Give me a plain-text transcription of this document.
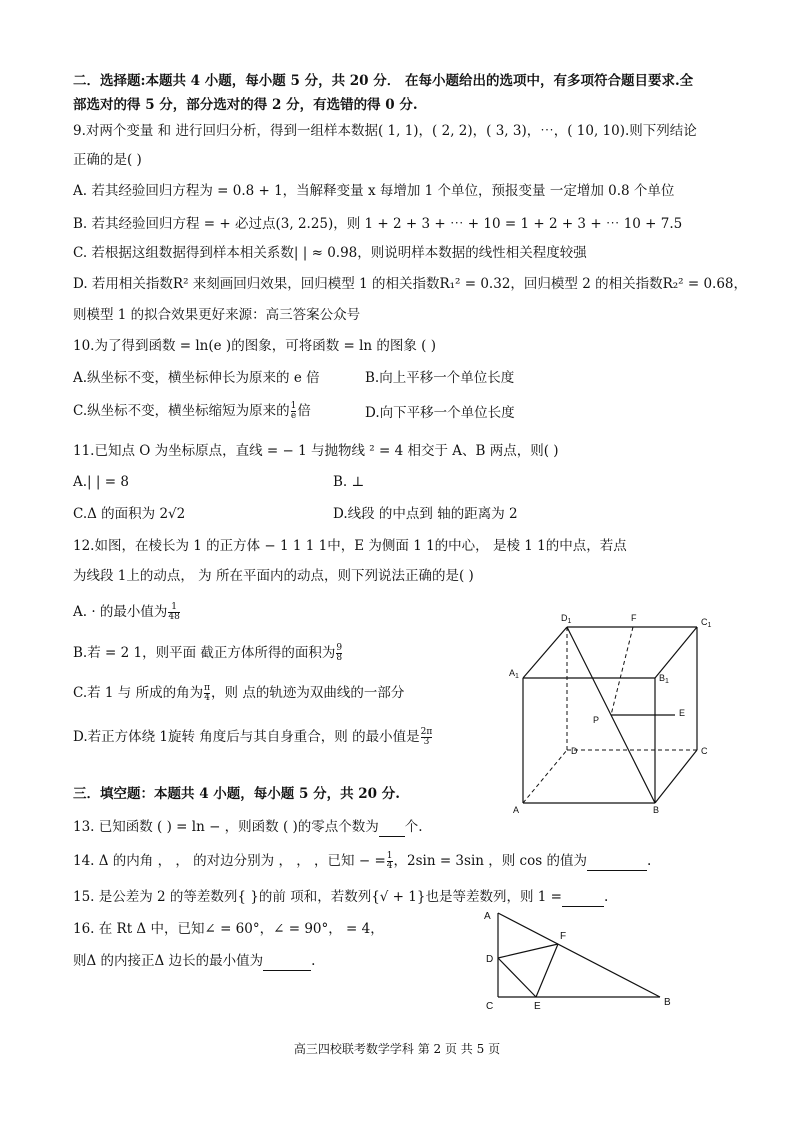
二．选择题:本题共 4 小题，每小题 5 分，共 20 分． 在每小题给出的选项中，有多项符合题目要求.全
部选对的得 5 分，部分选对的得 2 分，有选错的得 0 分.
9.对两个变量 和 进行回归分析，得到一组样本数据( 1, 1)，( 2, 2)，( 3, 3)，⋯，( 10, 10).则下列结论
正确的是( )
A. 若其经验回归方程为 = 0.8 + 1，当解释变量 x 每增加 1 个单位，预报变量 一定增加 0.8 个单位
B. 若其经验回归方程 = + 必过点(3, 2.25)，则 1 + 2 + 3 + ⋯ + 10 = 1 + 2 + 3 + ⋯ 10 + 7.5
C. 若根据这组数据得到样本相关系数| | ≈ 0.98，则说明样本数据的线性相关程度较强
D. 若用相关指数R² 来刻画回归效果，回归模型 1 的相关指数R₁² = 0.32，回归模型 2 的相关指数R₂² = 0.68，
则模型 1 的拟合效果更好来源：高三答案公众号
10.为了得到函数 = ln(e )的图象，可将函数 = ln 的图象 ( )
A.纵坐标不变，横坐标伸长为原来的 e 倍	B.向上平移一个单位长度
C.纵坐标不变，横坐标缩短为原来的 $\frac{1}{e}$ 倍	D.向下平移一个单位长度
11.已知点 O 为坐标原点，直线 = − 1 与抛物线 ² = 4 相交于 A、B 两点，则( )
A.| | = 8	B. ⊥
C.Δ 的面积为 2√2	D.线段 的中点到 轴的距离为 2
12.如图，在棱长为 1 的正方体 − 1 1 1 1中，E 为侧面 1 1的中心， 是棱 1 1的中点，若点
为线段 1上的动点， 为 所在平面内的动点，则下列说法正确的是( )
A. · 的最小值为 $\frac{1}{48}$
B.若 = 2 1，则平面 截正方体所得的面积为 $\frac{9}{8}$
C.若 1 与 所成的角为 $\frac{\pi}{4}$ ，则 点的轨迹为双曲线的一部分
D.若正方体绕 1旋转 角度后与其自身重合，则 的最小值是 $\frac{2\pi}{3}$
$D_1$	F	$C_1$
$A_1$	$B_1$
P
E
D	C
A	B
三．填空题：本题共 4 小题，每小题 5 分，共 20 分.
13. 已知函数 ( ) = ln − ，则函数 ( )的零点个数为 个.
14. Δ 的内角 ， ， 的对边分别为 ， ， ，已知 − = $\frac{1}{4}$ ，2sin = 3sin ，则 cos 的值为	.
15. 是公差为 2 的等差数列{ }的前 项和，若数列{√ + 1}也是等差数列，则 1 =	.
16. 在 Rt Δ 中，已知∠ = 60°，∠ = 90°， = 4，
则Δ 的内接正Δ 边长的最小值为	.
A
F
D
C	E	B
高三四校联考数学学科 第 2 页 共 5 页
